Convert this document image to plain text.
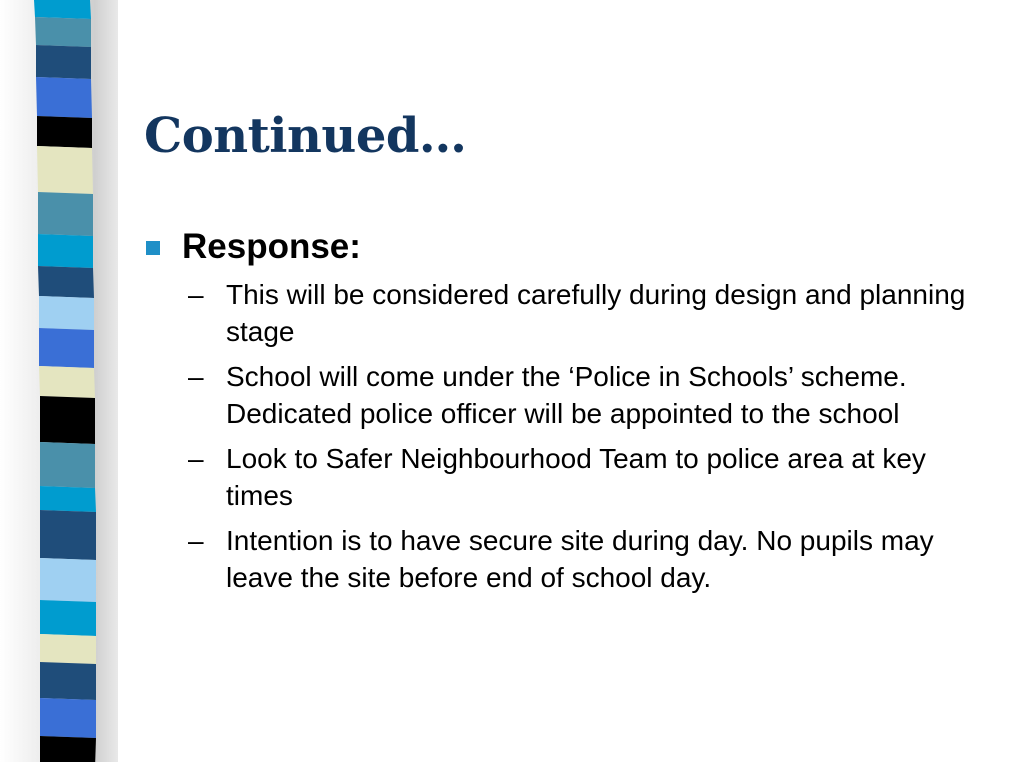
Continued…
Response:
– This will be considered carefully during design and planning stage
– School will come under the ‘Police in Schools’ scheme. Dedicated police officer will be appointed to the school
– Look to Safer Neighbourhood Team to police area at key times
– Intention is to have secure site during day. No pupils may leave the site before end of school day.
